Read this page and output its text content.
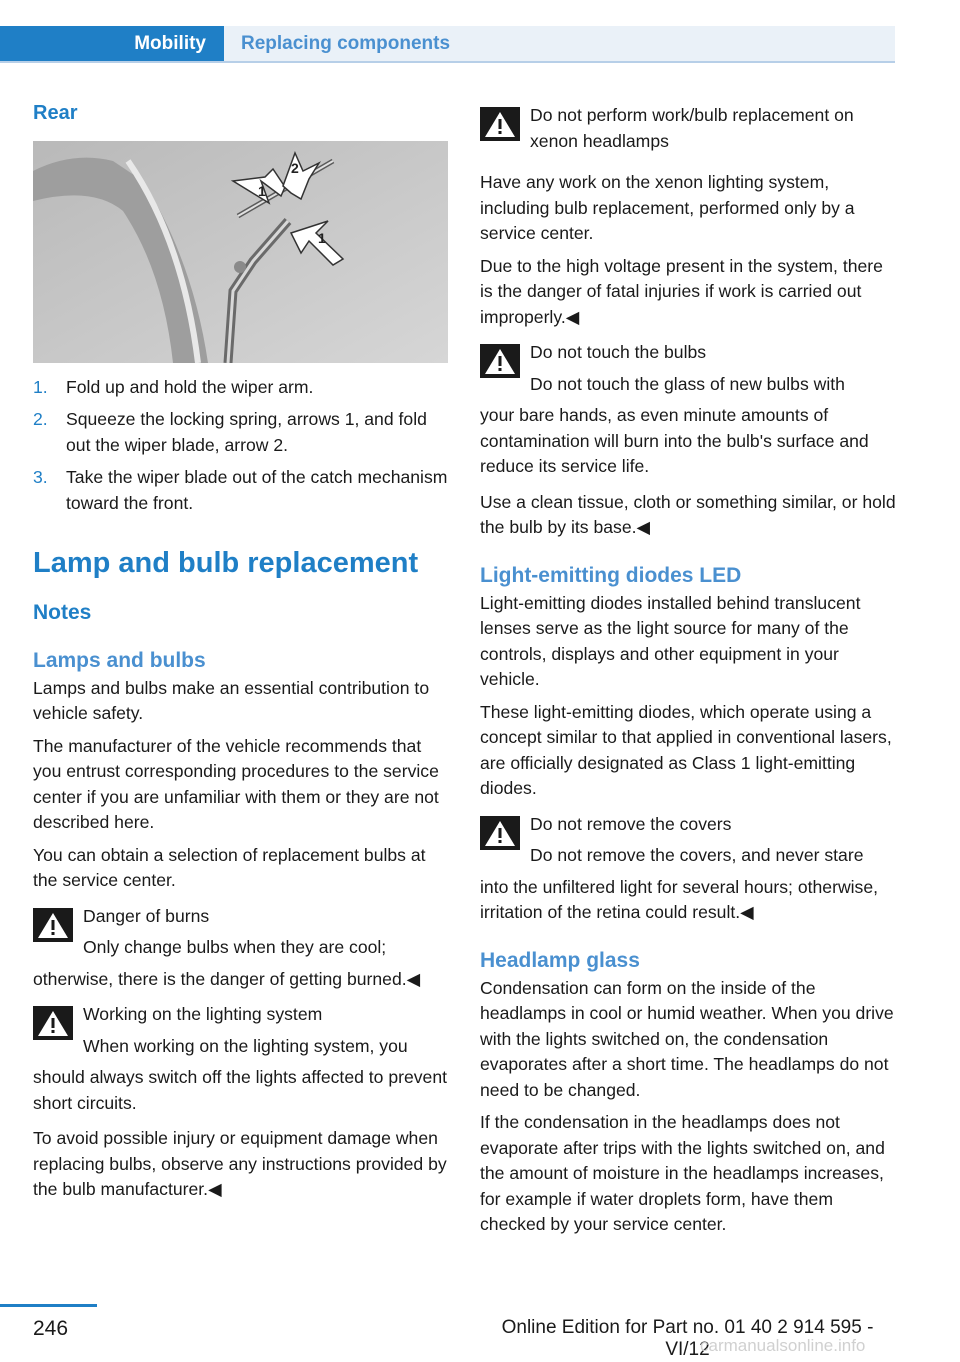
Mobility Replacing components
Rear
1
2
1
1. Fold up and hold the wiper arm.
2. Squeeze the locking spring, arrows 1, and fold out the wiper blade, arrow 2.
3. Take the wiper blade out of the catch mechanism toward the front.
Lamp and bulb replacement
Notes
Lamps and bulbs

Lamps and bulbs make an essential contribution to vehicle safety.

The manufacturer of the vehicle recommends that you entrust corresponding procedures to the service center if you are unfamiliar with them or they are not described here.

You can obtain a selection of replacement bulbs at the service center.

Danger of burns
Only change bulbs when they are cool;
otherwise, there is the danger of getting burned.◀
Working on the lighting system
When working on the lighting system, you
should always switch off the lights affected to prevent short circuits.

To avoid possible injury or equipment damage when replacing bulbs, observe any instructions provided by the bulb manufacturer.◀

Do not perform work/bulb replacement on xenon headlamps

Have any work on the xenon lighting system, including bulb replacement, performed only by a service center.

Due to the high voltage present in the system, there is the danger of fatal injuries if work is carried out improperly.◀

Do not touch the bulbs
Do not touch the glass of new bulbs with
your bare hands, as even minute amounts of contamination will burn into the bulb's surface and reduce its service life.

Use a clean tissue, cloth or something similar, or hold the bulb by its base.◀

Light-emitting diodes LED

Light-emitting diodes installed behind translucent lenses serve as the light source for many of the controls, displays and other equipment in your vehicle.

These light-emitting diodes, which operate using a concept similar to that applied in conventional lasers, are officially designated as Class 1 light-emitting diodes.

Do not remove the covers
Do not remove the covers, and never stare
into the unfiltered light for several hours; otherwise, irritation of the retina could result.◀
Headlamp glass

Condensation can form on the inside of the headlamps in cool or humid weather. When you drive with the lights switched on, the condensation evaporates after a short time. The headlamps do not need to be changed.

If the condensation in the headlamps does not evaporate after trips with the lights switched on, and the amount of moisture in the headlamps increases, for example if water droplets form, have them checked by your service center.

246	Online Edition for Part no. 01 40 2 914 595 - VI/12
carmanualsonline.info
